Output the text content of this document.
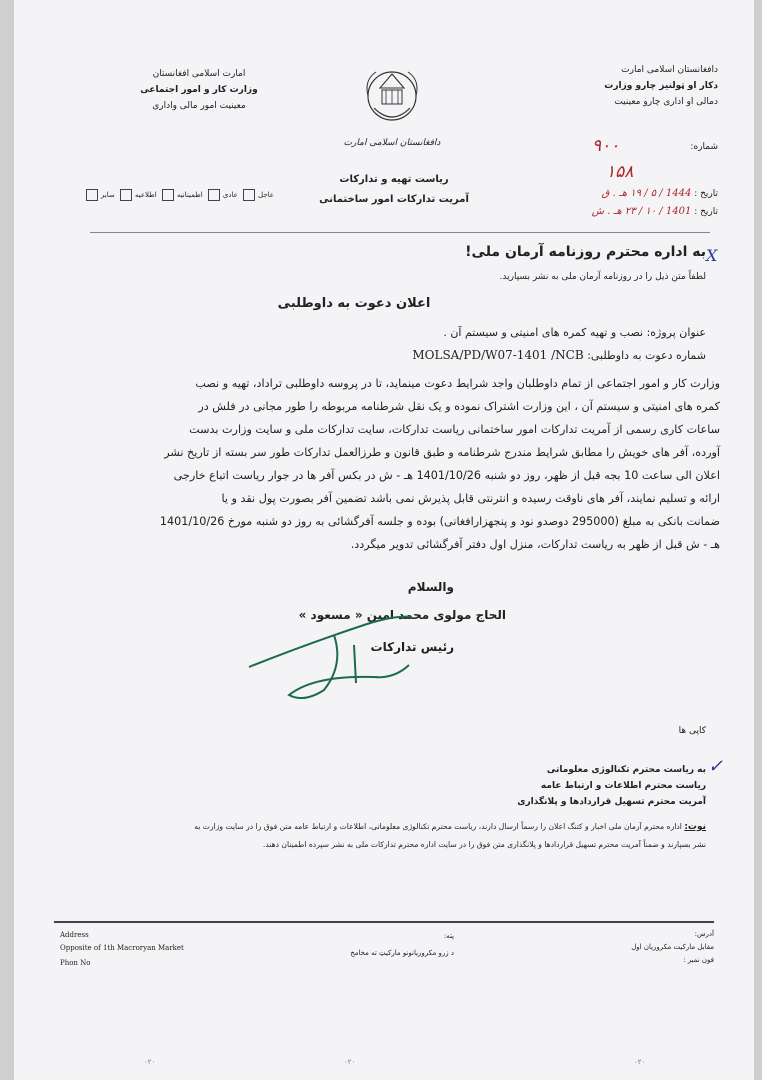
دافغانستان اسلامی امارت
دکار او ټولنیز چارو وزارت
دمالی او اداری چارو معینیت
شماره:
۹۰۰
۱۵۸
تاریخ : 1444 / ۵ / ۱۹ هـ . ق
تاریخ : 1401 / ۱۰ / ۲۳ هـ . ش
دافغانستان اسلامی امارت
ریاست تهیه و تدارکات
آمریت تدارکات امور ساختمانی
امارت اسلامی افغانستان
وزارت کار و امور اجتماعی
معینیت امور مالی واداری
عاجل عادی اطمینانیه اطلاعیه سایر
به اداره محترم روزنامه آرمان ملی! X
لطفاً متن ذیل را در روزنامه آرمان ملی به نشر بسپارید.
اعلان دعوت به داوطلبی
عنوان پروژه: نصب و تهیه کمره های امنیتی و سیستم آن .
MOLSA/PD/W07-1401 /NCB شماره دعوت به داوطلبی:

وزارت کار و امور اجتماعی از تمام داوطلبان واجد شرایط دعوت مینماید، تا در پروسه داوطلبی تراداد، تهیه و نصب

کمره های امنیتی و سیستم آن ، این وزارت اشتراک نموده و یک نقل شرطنامه مربوطه را طور مجانی در فلش در

ساعات کاری رسمی از آمریت تدارکات امور ساختمانی ریاست تدارکات، سایت تدارکات ملی و سایت وزارت بدست

آورده، آفر های خویش را مطابق شرایط مندرج شرطنامه و طبق قانون و طرزالعمل تدارکات طور سر بسته از تاریخ نشر

اعلان الی ساعت 10 بجه قبل از ظهر، روز دو شنبه 1401/10/26 هـ - ش در بکس آفر ها در جوار ریاست اتباع خارجی

ارائه و تسلیم نمایند، آفر های ناوقت رسیده و انترنتی قابل پذیرش نمی باشد تضمین آفر بصورت پول نقد و یا

ضمانت بانکی به مبلغ (295000 دوصدو نود و پنجهزارافغانی) بوده و جلسه آفرگشائی به روز دو شنبه مورخ 1401/10/26

هـ - ش قبل از ظهر به ریاست تدارکات، منزل اول دفتر آفرگشائی تدویر میگردد.

والسلام
الحاج مولوی محمد امین « مسعود »
رئیس تدارکات
کاپی ها
✓
به ریاست محترم تکنالوژی معلوماتی
ریاست محترم اطلاعات و ارتباط عامه
آمریت محترم تسهیل قراردادها و پلانگذاری
نوت: اداره محترم آرمان ملی اخبار و کتنگ اعلان را رسماً ارسال دارند، ریاست محترم تکنالوژی معلوماتی، اطلاعات و ارتباط عامه متن فوق را در سایت وزارت به
نشر بسپارند و ضمناً آمریت محترم تسهیل قراردادها و پلانگذاری متن فوق را در سایت اداره محترم تدارکات ملی به نشر سپرده اطمینان دهند.
آدرس:
مقابل مارکیت مکروریان اول
فون نمبر :
پته:
د زرو مکروریانونو مارکیټ ته مخامخ
Address
Opposite of 1th Macroryan Market
Phon No
۰۲۰	۰۲۰	۰۲۰
